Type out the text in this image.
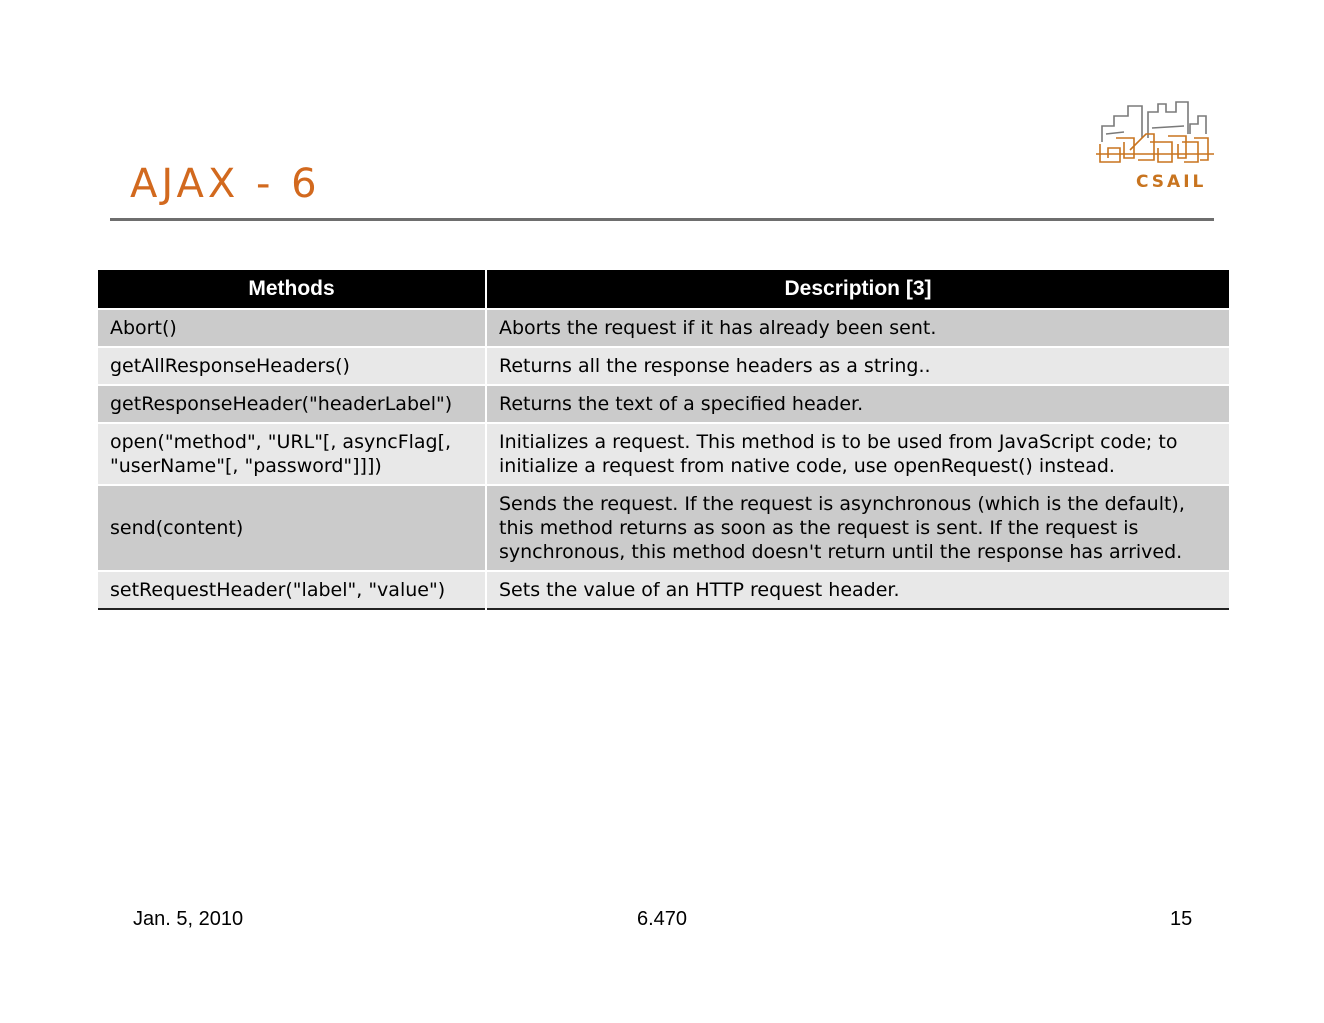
AJAX - 6	CSAIL
Methods	Description [3]
Abort()	Aborts the request if it has already been sent.
getAllResponseHeaders()	Returns all the response headers as a string..
getResponseHeader("headerLabel")	Returns the text of a specified header.
open("method", "URL"[, asyncFlag[, "userName"[, "password"]]])	Initializes a request. This method is to be used from JavaScript code; to initialize a request from native code, use openRequest() instead.
send(content)	Sends the request. If the request is asynchronous (which is the default), this method returns as soon as the request is sent. If the request is synchronous, this method doesn't return until the response has arrived.
setRequestHeader("label", "value")	Sets the value of an HTTP request header.
Jan. 5, 2010	6.470	15
